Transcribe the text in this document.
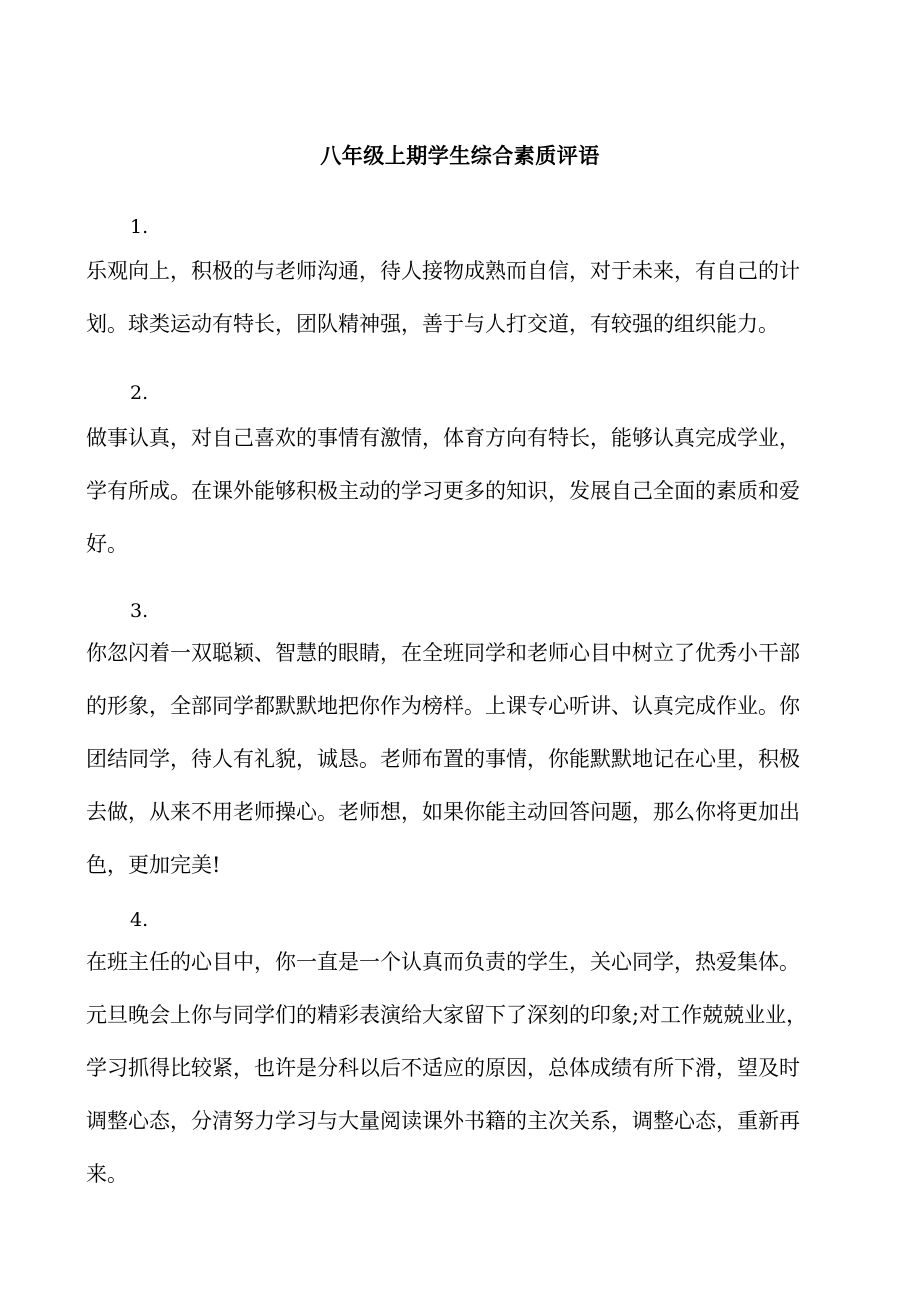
八年级上期学生综合素质评语
1.
乐观向上，积极的与老师沟通，待人接物成熟而自信，对于未来，有自己的计
划。球类运动有特长，团队精神强，善于与人打交道，有较强的组织能力。
2.
做事认真，对自己喜欢的事情有激情，体育方向有特长，能够认真完成学业，
学有所成。在课外能够积极主动的学习更多的知识，发展自己全面的素质和爱
好。
3.
你忽闪着一双聪颖、智慧的眼睛，在全班同学和老师心目中树立了优秀小干部
的形象，全部同学都默默地把你作为榜样。上课专心听讲、认真完成作业。你
团结同学，待人有礼貌，诚恳。老师布置的事情，你能默默地记在心里，积极
去做，从来不用老师操心。老师想，如果你能主动回答问题，那么你将更加出
色，更加完美!
4.
在班主任的心目中，你一直是一个认真而负责的学生，关心同学，热爱集体。
元旦晚会上你与同学们的精彩表演给大家留下了深刻的印象;对工作兢兢业业，
学习抓得比较紧，也许是分科以后不适应的原因，总体成绩有所下滑，望及时
调整心态，分清努力学习与大量阅读课外书籍的主次关系，调整心态，重新再
来。
